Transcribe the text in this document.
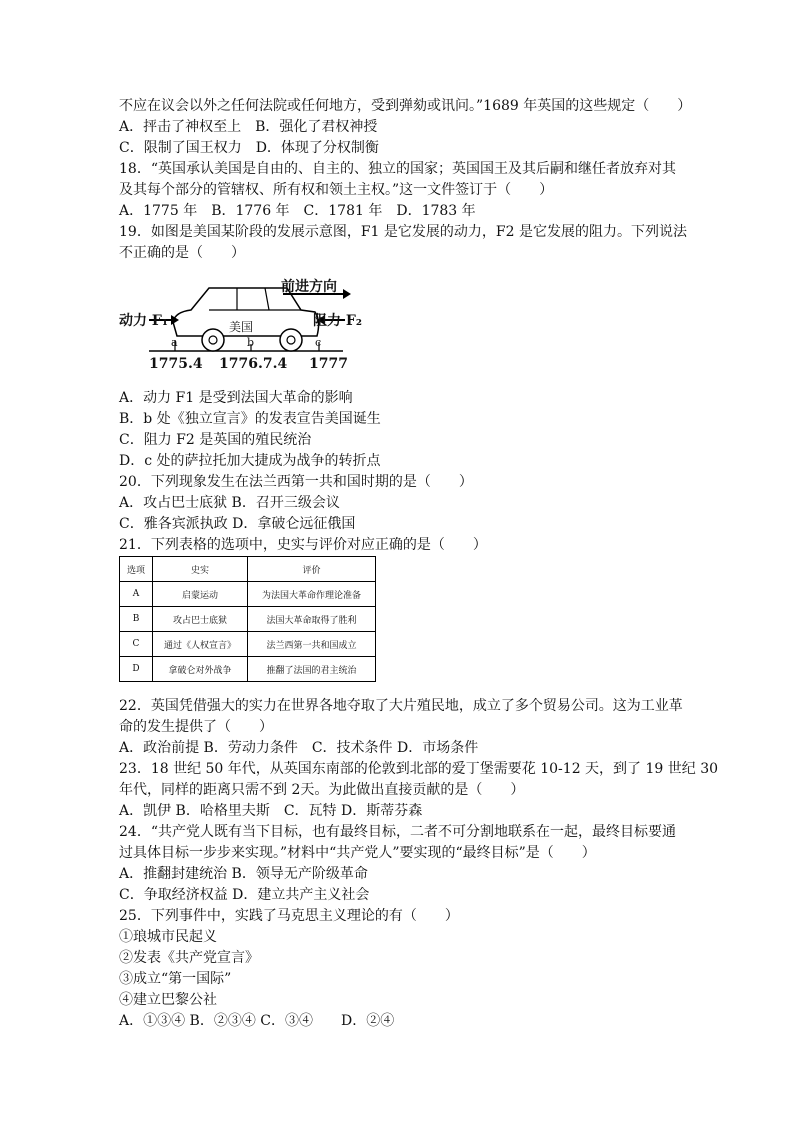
不应在议会以外之任何法院或任何地方，受到弹劾或讯问。”1689 年英国的这些规定（　　）
A．抨击了神权至上　B．强化了君权神授
C．限制了国王权力　D．体现了分权制衡
18．“英国承认美国是自由的、自主的、独立的国家；英国国王及其后嗣和继任者放弃对其
及其每个部分的管辖权、所有权和领土主权。”这一文件签订于（　　）
A．1775 年　B．1776 年　C．1781 年　D．1783 年
19．如图是美国某阶段的发展示意图，F1 是它发展的动力，F2 是它发展的阻力。下列说法
不正确的是（　　）
前进方向
动力 F₁	阻力 F₂
美国
a	b	c
1775.4 1776.7.4 1777
A．动力 F1 是受到法国大革命的影响
B．b 处《独立宣言》的发表宣告美国诞生
C．阻力 F2 是英国的殖民统治
D．c 处的萨拉托加大捷成为战争的转折点
20．下列现象发生在法兰西第一共和国时期的是（　　）
A．攻占巴士底狱 B．召开三级会议
C．雅各宾派执政 D．拿破仑远征俄国
21．下列表格的选项中，史实与评价对应正确的是（　　）
选项	史实	评价
A	启蒙运动	为法国大革命作理论准备
B	攻占巴士底狱	法国大革命取得了胜利
C	通过《人权宣言》	法兰西第一共和国成立
D	拿破仑对外战争	推翻了法国的君主统治
22．英国凭借强大的实力在世界各地夺取了大片殖民地，成立了多个贸易公司。这为工业革
命的发生提供了（　　）
A．政治前提 B．劳动力条件　C．技术条件 D．市场条件
23．18 世纪 50 年代，从英国东南部的伦敦到北部的爱丁堡需要花 10-12 天，到了 19 世纪 30
年代，同样的距离只需不到 2天。为此做出直接贡献的是（　　）
A．凯伊 B．哈格里夫斯　C．瓦特 D．斯蒂芬森
24．“共产党人既有当下目标，也有最终目标，二者不可分割地联系在一起，最终目标要通
过具体目标一步步来实现。”材料中“共产党人”要实现的“最终目标”是（　　）
A．推翻封建统治 B．领导无产阶级革命
C．争取经济权益 D．建立共产主义社会
25．下列事件中，实践了马克思主义理论的有（　　）
①琅城市民起义
②发表《共产党宣言》
③成立“第一国际”
④建立巴黎公社
A．①③④ B．②③④ C．③④　　D．②④
